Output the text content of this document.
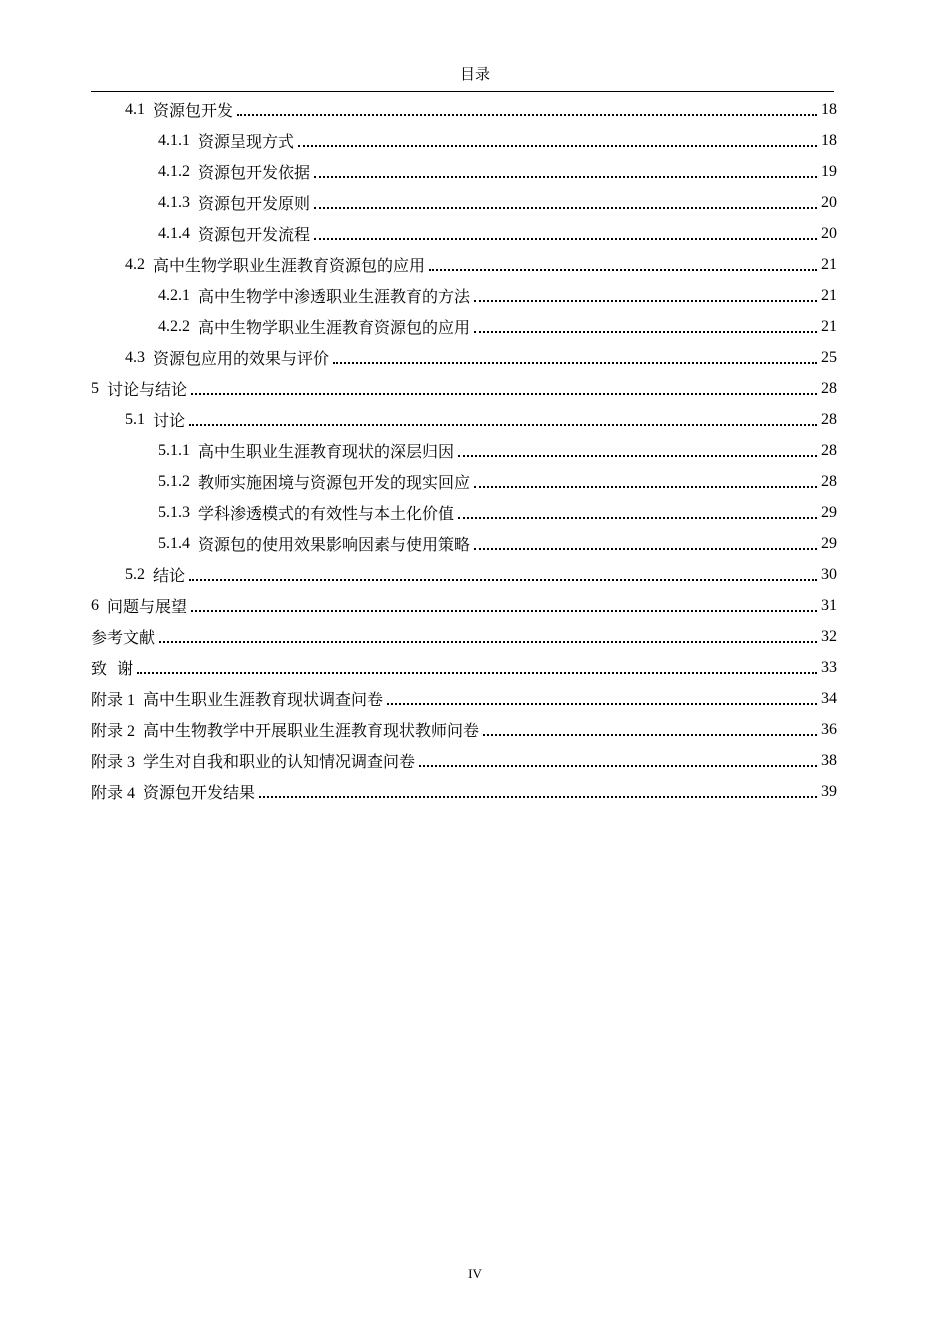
目录
4.1 资源包开发	18
4.1.1 资源呈现方式	18
4.1.2 资源包开发依据	19
4.1.3 资源包开发原则	20
4.1.4 资源包开发流程	20
4.2 高中生物学职业生涯教育资源包的应用	21
4.2.1 高中生物学中渗透职业生涯教育的方法	21
4.2.2 高中生物学职业生涯教育资源包的应用	21
4.3 资源包应用的效果与评价	25
5 讨论与结论	28
5.1 讨论	28
5.1.1 高中生职业生涯教育现状的深层归因	28
5.1.2 教师实施困境与资源包开发的现实回应	28
5.1.3 学科渗透模式的有效性与本土化价值	29
5.1.4 资源包的使用效果影响因素与使用策略	29
5.2 结论	30
6 问题与展望	31
参考文献	32
致  谢	33
附录 1 高中生职业生涯教育现状调查问卷	34
附录 2 高中生物教学中开展职业生涯教育现状教师问卷	36
附录 3 学生对自我和职业的认知情况调查问卷	38
附录 4 资源包开发结果	39
IV
